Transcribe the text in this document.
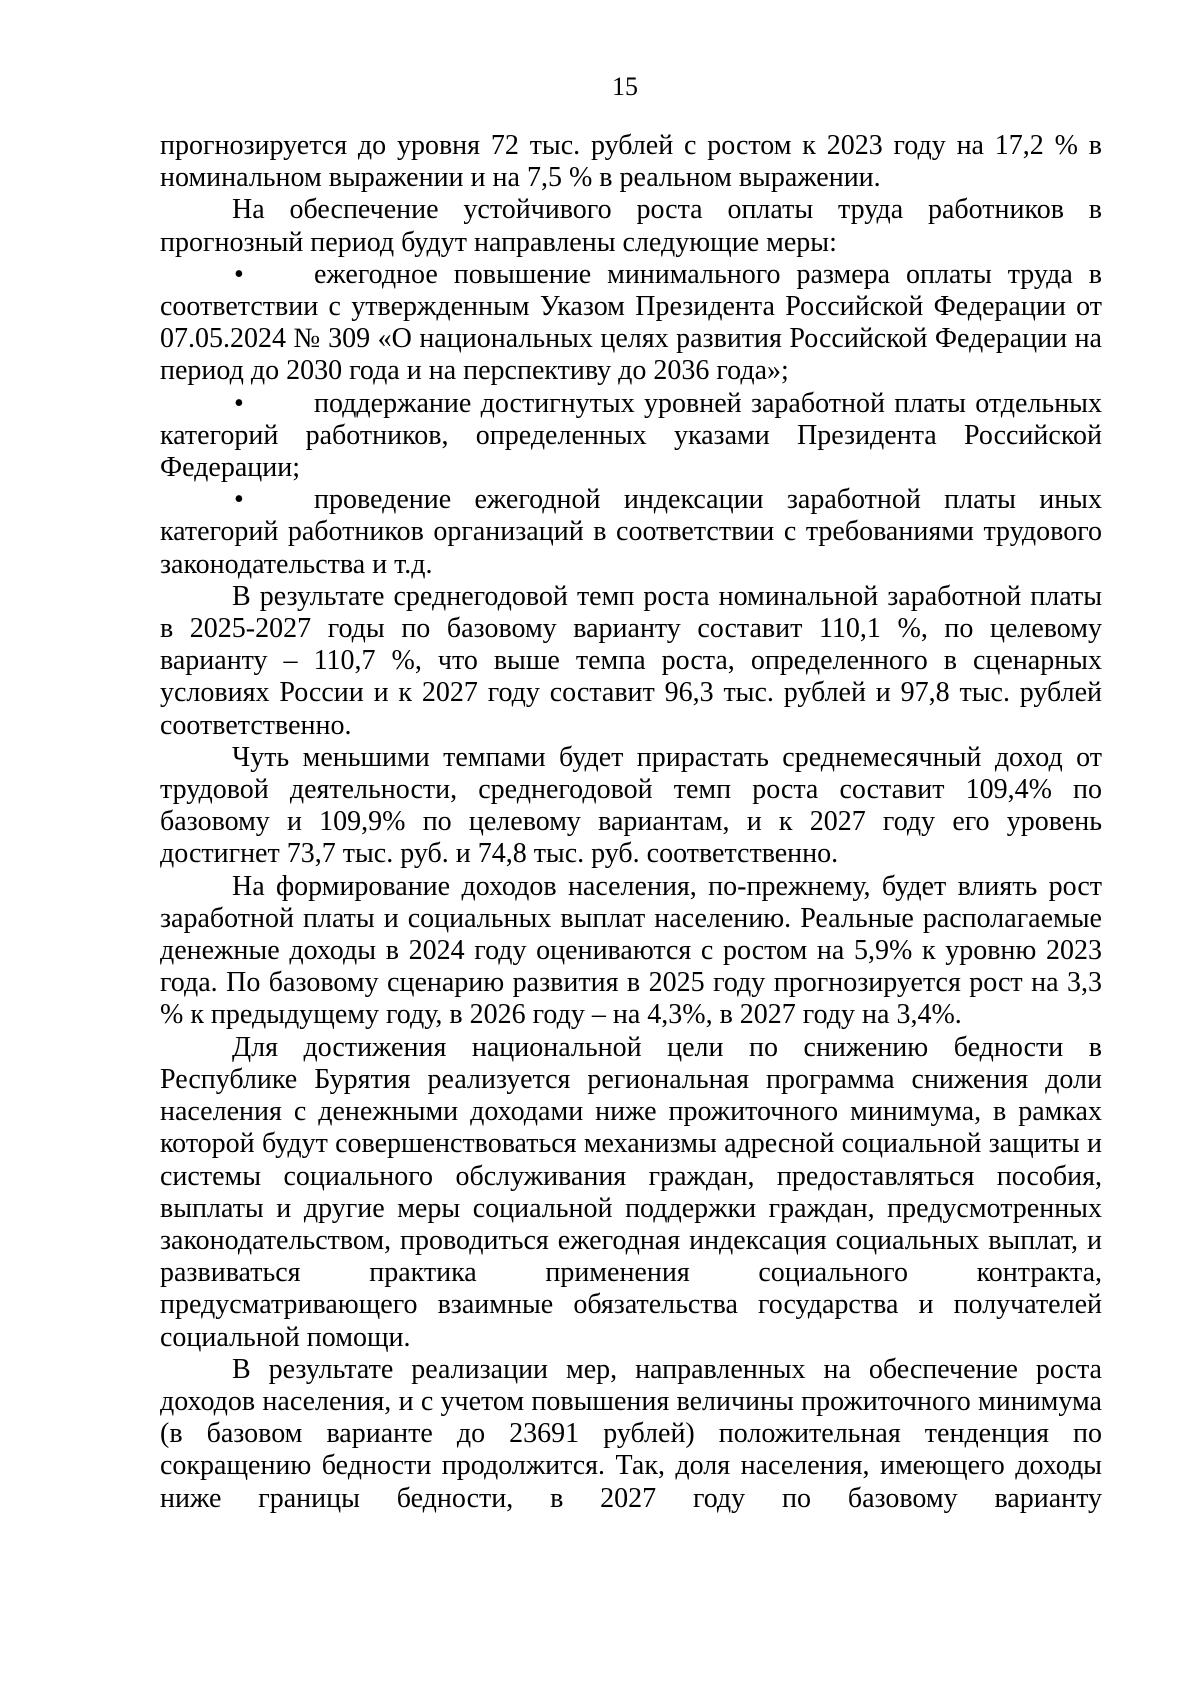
15

прогнозируется до уровня 72 тыс. рублей с ростом к 2023 году на 17,2 % в номинальном выражении и на 7,5 % в реальном выражении.

На обеспечение устойчивого роста оплаты труда работников в прогнозный период будут направлены следующие меры:

•	ежегодное повышение минимального размера оплаты труда в соответствии с утвержденным Указом Президента Российской Федерации от 07.05.2024 № 309 «О национальных целях развития Российской Федерации на период до 2030 года и на перспективу до 2036 года»;

•	поддержание достигнутых уровней заработной платы отдельных категорий работников, определенных указами Президента Российской Федерации;

•	проведение ежегодной индексации заработной платы иных категорий работников организаций в соответствии с требованиями трудового законодательства и т.д.

В результате среднегодовой темп роста номинальной заработной платы в 2025-2027 годы по базовому варианту составит 110,1 %, по целевому варианту – 110,7 %, что выше темпа роста, определенного в сценарных условиях России и к 2027 году составит 96,3 тыс. рублей и 97,8 тыс. рублей соответственно.

Чуть меньшими темпами будет прирастать среднемесячный доход от трудовой деятельности, среднегодовой темп роста составит 109,4% по базовому и 109,9% по целевому вариантам, и к 2027 году его уровень достигнет 73,7 тыс. руб. и 74,8 тыс. руб. соответственно.

На формирование доходов населения, по-прежнему, будет влиять рост заработной платы и социальных выплат населению. Реальные располагаемые денежные доходы в 2024 году оцениваются с ростом на 5,9% к уровню 2023 года. По базовому сценарию развития в 2025 году прогнозируется рост на 3,3 % к предыдущему году, в 2026 году – на 4,3%, в 2027 году на 3,4%.

Для достижения национальной цели по снижению бедности в Республике Бурятия реализуется региональная программа снижения доли населения с денежными доходами ниже прожиточного минимума, в рамках которой будут совершенствоваться механизмы адресной социальной защиты и системы социального обслуживания граждан, предоставляться пособия, выплаты и другие меры социальной поддержки граждан, предусмотренных законодательством, проводиться ежегодная индексация социальных выплат, и развиваться практика применения социального контракта, предусматривающего взаимные обязательства государства и получателей социальной помощи.

В результате реализации мер, направленных на обеспечение роста доходов населения, и с учетом повышения величины прожиточного минимума (в базовом варианте до 23691 рублей) положительная тенденция по сокращению бедности продолжится. Так, доля населения, имеющего доходы ниже границы бедности, в 2027 году по базовому варианту
